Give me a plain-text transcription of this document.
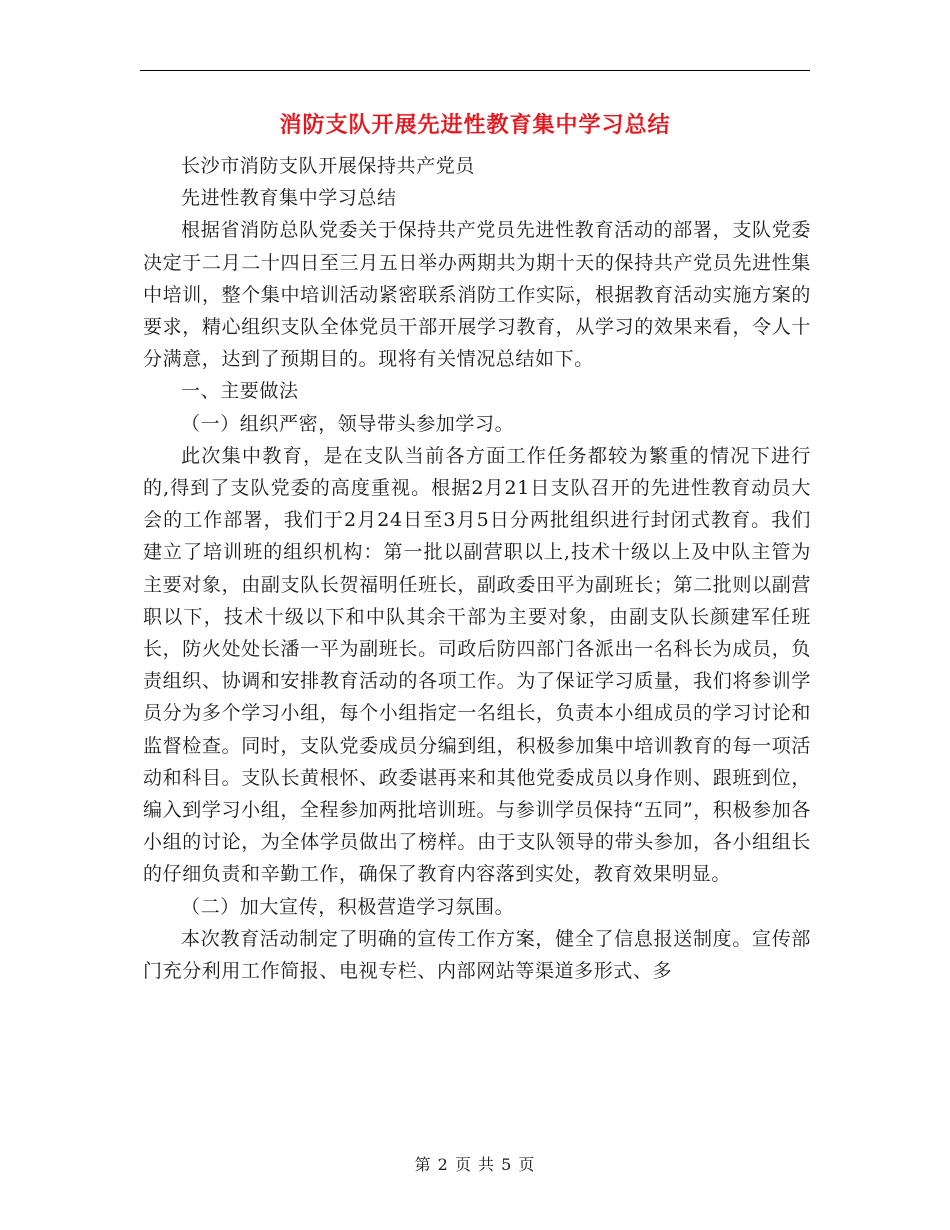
消防支队开展先进性教育集中学习总结

长沙市消防支队开展保持共产党员

先进性教育集中学习总结

根据省消防总队党委关于保持共产党员先进性教育活动的部署，支队党委决定于二月二十四日至三月五日举办两期共为期十天的保持共产党员先进性集中培训，整个集中培训活动紧密联系消防工作实际，根据教育活动实施方案的要求，精心组织支队全体党员干部开展学习教育，从学习的效果来看，令人十分满意，达到了预期目的。现将有关情况总结如下。

一、主要做法

（一）组织严密，领导带头参加学习。

此次集中教育，是在支队当前各方面工作任务都较为繁重的情况下进行的,得到了支队党委的高度重视。根据2月21日支队召开的先进性教育动员大会的工作部署，我们于2月24日至3月5日分两批组织进行封闭式教育。我们建立了培训班的组织机构：第一批以副营职以上,技术十级以上及中队主管为主要对象，由副支队长贺福明任班长，副政委田平为副班长；第二批则以副营职以下，技术十级以下和中队其余干部为主要对象，由副支队长颜建军任班长，防火处处长潘一平为副班长。司政后防四部门各派出一名科长为成员，负责组织、协调和安排教育活动的各项工作。为了保证学习质量，我们将参训学员分为多个学习小组，每个小组指定一名组长，负责本小组成员的学习讨论和监督检查。同时，支队党委成员分编到组，积极参加集中培训教育的每一项活动和科目。支队长黄根怀、政委谌再来和其他党委成员以身作则、跟班到位，编入到学习小组，全程参加两批培训班。与参训学员保持“五同”，积极参加各小组的讨论，为全体学员做出了榜样。由于支队领导的带头参加，各小组组长的仔细负责和辛勤工作，确保了教育内容落到实处，教育效果明显。

（二）加大宣传，积极营造学习氛围。

本次教育活动制定了明确的宣传工作方案，健全了信息报送制度。宣传部门充分利用工作简报、电视专栏、内部网站等渠道多形式、多

第 2 页 共 5 页
